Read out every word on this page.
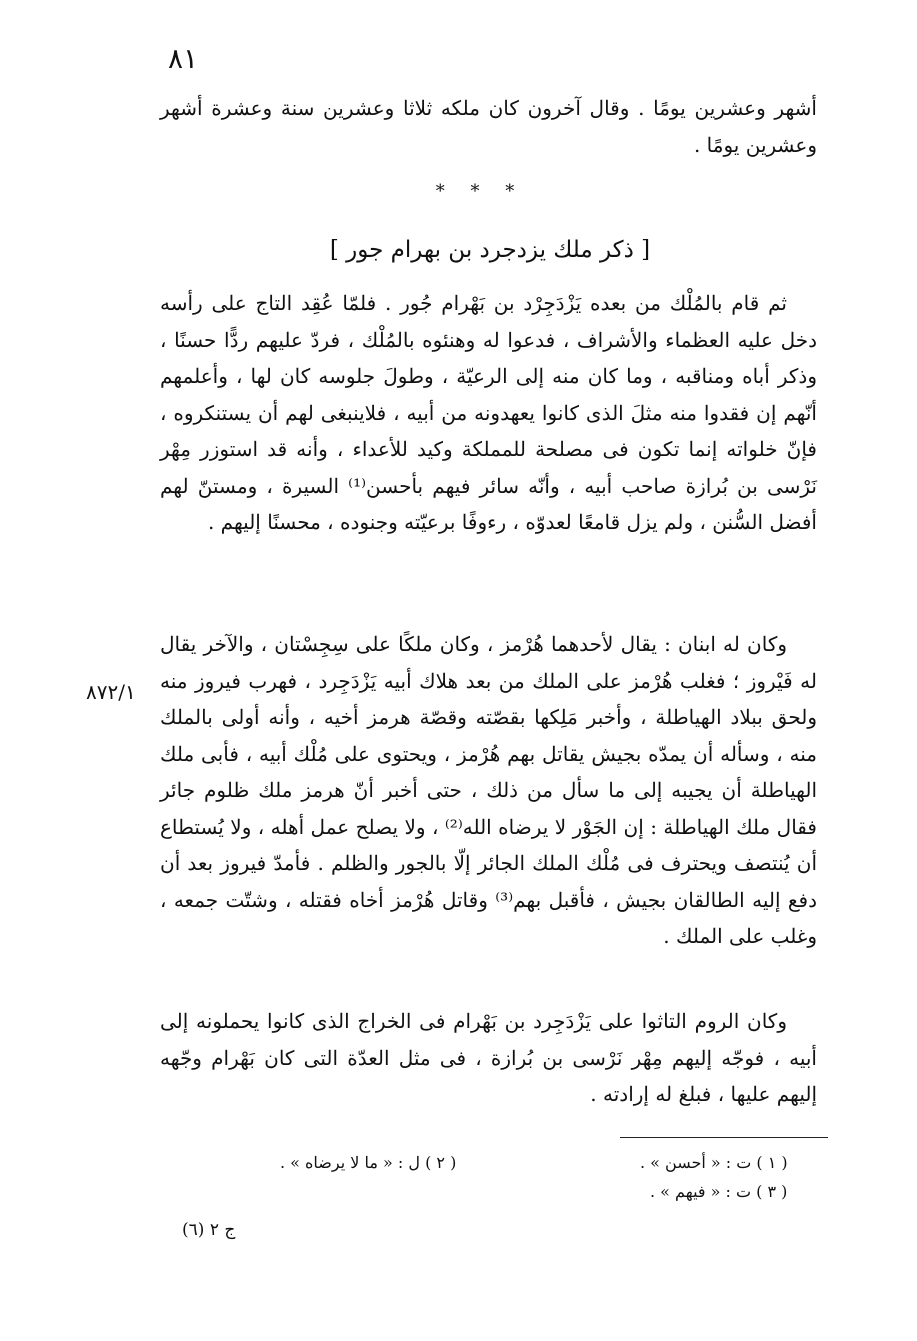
٨١

أشهر وعشرين يومًا . وقال آخرون كان ملكه ثلاثا وعشرين سنة وعشرة أشهر وعشرين يومًا .

* * *
[ ذكر ملك يزدجرد بن بهرام جور ]

ثم قام بالمُلْك من بعده يَزْدَجِرْد بن بَهْرام جُور . فلمّا عُقِد التاج على رأسه دخل عليه العظماء والأشراف ، فدعوا له وهنئوه بالمُلْك ، فردّ عليهم ردًّا حسنًا ، وذكر أباه ومناقبه ، وما كان منه إلى الرعيّة ، وطولَ جلوسه كان لها ، وأعلمهم أنّهم إن فقدوا منه مثلَ الذى كانوا يعهدونه من أبيه ، فلاينبغى لهم أن يستنكروه ، فإنّ خلواته إنما تكون فى مصلحة للمملكة وكيد للأعداء ، وأنه قد استوزر مِهْر نَرْسى بن بُرازة صاحب أبيه ، وأنّه سائر فيهم بأحسن⁽¹⁾ السيرة ، ومستنّ لهم أفضل السُّنن ، ولم يزل قامعًا لعدوّه ، رءوفًا برعيّته وجنوده ، محسنًا إليهم .

وكان له ابنان : يقال لأحدهما هُرْمز ، وكان ملكًا على سِجِسْتان ، والآخر يقال له فَيْروز ؛ فغلب هُرْمز على الملك من بعد هلاك أبيه يَزْدَجِرد ، فهرب فيروز منه ولحق ببلاد الهياطلة ، وأخبر مَلِكها بقصّته وقصّة هرمز أخيه ، وأنه أولى بالملك منه ، وسأله أن يمدّه بجيش يقاتل بهم هُرْمز ، ويحتوى على مُلْك أبيه ، فأبى ملك الهياطلة أن يجيبه إلى ما سأل من ذلك ، حتى أخبر أنّ هرمز ملك ظلوم جائر فقال ملك الهياطلة : إن الجَوْر لا يرضاه الله⁽²⁾ ، ولا يصلح عمل أهله ، ولا يُستطاع أن يُنتصف ويحترف فى مُلْك الملك الجائر إلّا بالجور والظلم . فأمدّ فيروز بعد أن دفع إليه الطالقان بجيش ، فأقبل بهم⁽³⁾ وقاتل هُرْمز أخاه فقتله ، وشتّت جمعه ، وغلب على الملك .

وكان الروم التاثوا على يَزْدَجِرد بن بَهْرام فى الخراج الذى كانوا يحملونه إلى أبيه ، فوجّه إليهم مِهْر نَرْسى بن بُرازة ، فى مثل العدّة التى كان بَهْرام وجّهه إليهم عليها ، فبلغ له إرادته .

٨٧٢/١
( ١ ) ت : « أحسن » .
( ٢ ) ل : « ما لا يرضاه » .
( ٣ ) ت : « فيهم » .
ج ٢ (٦)
